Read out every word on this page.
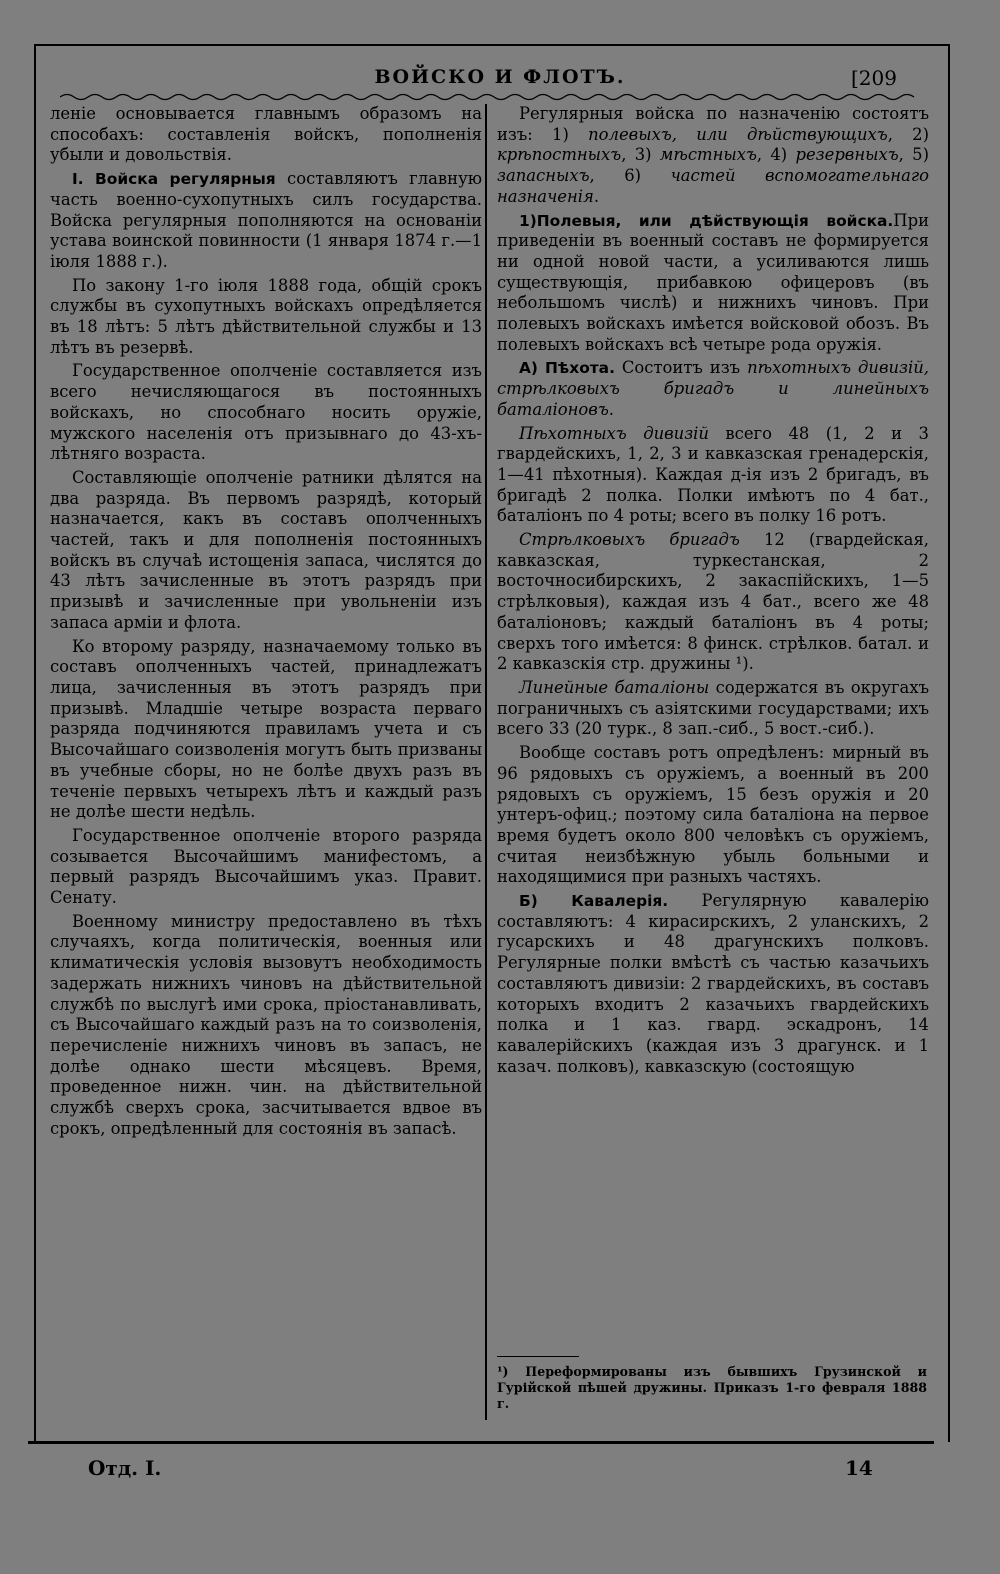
ВОЙСКО И ФЛОТЪ.	[209

леніе основывается главнымъ образомъ на способахъ: составленія войскъ, пополненія убыли и довольствія.

I. Войска регулярныя составляютъ главную часть военно-сухопутныхъ силъ государства. Войска регулярныя пополняются на основаніи устава воинской повинности (1 января 1874 г.—1 іюля 1888 г.).

По закону 1-го іюля 1888 года, общій срокъ службы въ сухопутныхъ войскахъ опредѣляется въ 18 лѣтъ: 5 лѣтъ дѣйствительной службы и 13 лѣтъ въ резервѣ.

Государственное ополченіе составляется изъ всего нечисляющагося въ постоянныхъ войскахъ, но способнаго носить оружіе, мужского населенія отъ призывнаго до 43-хъ-лѣтняго возраста.

Составляющіе ополченіе ратники дѣлятся на два разряда. Въ первомъ разрядѣ, который назначается, какъ въ составъ ополченныхъ частей, такъ и для пополненія постоянныхъ войскъ въ случаѣ истощенія запаса, числятся до 43 лѣтъ зачисленные въ этотъ разрядъ при призывѣ и зачисленные при увольненіи изъ запаса арміи и флота.

Ко второму разряду, назначаемому только въ составъ ополченныхъ частей, принадлежатъ лица, зачисленныя въ этотъ разрядъ при призывѣ. Младшіе четыре возраста перваго разряда подчиняются правиламъ учета и съ Высочайшаго соизволенія могутъ быть призваны въ учебные сборы, но не болѣе двухъ разъ въ теченіе первыхъ четырехъ лѣтъ и каждый разъ не долѣе шести недѣль.

Государственное ополченіе второго разряда созывается Высочайшимъ манифестомъ, а первый разрядъ Высочайшимъ указ. Правит. Сенату.

Военному министру предоставлено въ тѣхъ случаяхъ, когда политическія, военныя или климатическія условія вызовутъ необходимость задержать нижнихъ чиновъ на дѣйствительной службѣ по выслугѣ ими срока, пріостанавливать, съ Высочайшаго каждый разъ на то соизволенія, перечисленіе нижнихъ чиновъ въ запасъ, не долѣе однако шести мѣсяцевъ. Время, проведенное нижн. чин. на дѣйствительной службѣ сверхъ срока, засчитывается вдвое въ срокъ, опредѣленный для состоянія въ запасѣ.

Регулярныя войска по назначенію состоятъ изъ: 1) полевыхъ, или дѣйствующихъ, 2) крѣпостныхъ, 3) мѣстныхъ, 4) резервныхъ, 5) запасныхъ, 6) частей вспомогательнаго назначенія.

1)Полевыя, или дѣйствующія войска.При приведеніи въ военный составъ не формируется ни одной новой части, а усиливаются лишь существующія, прибавкою офицеровъ (въ небольшомъ числѣ) и нижнихъ чиновъ. При полевыхъ войскахъ имѣется войсковой обозъ. Въ полевыхъ войскахъ всѣ четыре рода оружія.

А) Пѣхота. Состоитъ изъ пѣхотныхъ дивизій, стрѣлковыхъ бригадъ и линейныхъ баталіоновъ.

Пѣхотныхъ дивизій всего 48 (1, 2 и 3 гвардейскихъ, 1, 2, 3 и кавказская гренадерскія, 1—41 пѣхотныя). Каждая д-ія изъ 2 бригадъ, въ бригадѣ 2 полка. Полки имѣютъ по 4 бат., баталіонъ по 4 роты; всего въ полку 16 ротъ.

Стрѣлковыхъ бригадъ 12 (гвардейская, кавказская, туркестанская, 2 восточносибирскихъ, 2 закаспійскихъ, 1—5 стрѣлковыя), каждая изъ 4 бат., всего же 48 баталіоновъ; каждый баталіонъ въ 4 роты; сверхъ того имѣется: 8 финск. стрѣлков. батал. и 2 кавказскія стр. дружины ¹).

Линейные баталіоны содержатся въ округахъ пограничныхъ съ азіятскими государствами; ихъ всего 33 (20 турк., 8 зап.-сиб., 5 вост.-сиб.).

Вообще составъ ротъ опредѣленъ: мирный въ 96 рядовыхъ съ оружіемъ, а военный въ 200 рядовыхъ съ оружіемъ, 15 безъ оружія и 20 унтеръ-офиц.; поэтому сила баталіона на первое время будетъ около 800 человѣкъ съ оружіемъ, считая неизбѣжную убыль больными и находящимися при разныхъ частяхъ.

Б) Кавалерія. Регулярную кавалерію составляютъ: 4 кирасирскихъ, 2 уланскихъ, 2 гусарскихъ и 48 драгунскихъ полковъ. Регулярные полки вмѣстѣ съ частью казачьихъ составляютъ дивизіи: 2 гвардейскихъ, въ составъ которыхъ входитъ 2 казачьихъ гвардейскихъ полка и 1 каз. гвард. эскадронъ, 14 кавалерійскихъ (каждая изъ 3 драгунск. и 1 казач. полковъ), кавказскую (состоящую

¹) Переформированы изъ бывшихъ Грузинской и Гурійской пѣшей дружины. Приказъ 1-го февраля 1888 г.
Отд. I.	14
